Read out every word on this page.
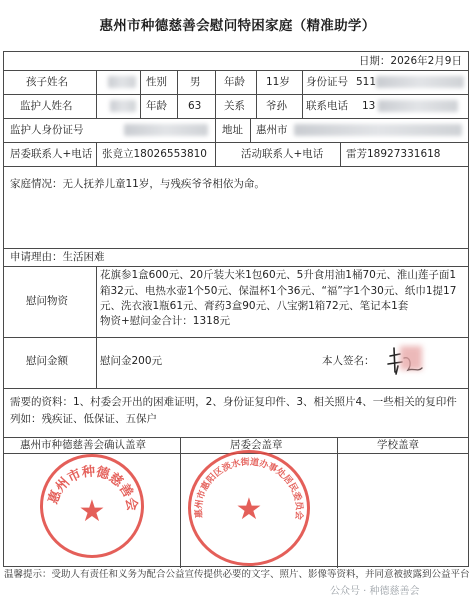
惠州市种德慈善会慰问特困家庭（精准助学）
日期：2026年2月9日
孩子姓名	性别 男 年龄 11岁 身份证号 511
监护人姓名	年龄 63 关系 爷孙 联系电话 13
监护人身份证号	地址 惠州市
居委联系人+电话 张竟立18026553810	活动联系人+电话 雷芳18927331618
家庭情况：无人抚养儿童11岁，与残疾爷爷相依为命。
申请理由：生活困难
慰问物资
花旗参1盒600元、20斤装大米1包60元、5升食用油1桶70元、淮山莲子面1箱32元、电热水壶1个50元、保温杯1个36元、“福”字1个30元、纸巾1提17元、洗衣液1瓶61元、膏药3盒90元、八宝粥1箱72元、笔记本1套
物资+慰问金合计：1318元
慰问金额	慰问金200元	本人签名：
需要的资料：1、村委会开出的困难证明，2、身份证复印件、3、相关照片4、一些相关的复印件列如：残疾证、低保证、五保户
惠州市种德慈善会确认盖章	居委会盖章	学校盖章
惠州市种德慈善会
★	惠州市惠阳区淡水街道办事处居民委员会
★
温馨提示：受助人有责任和义务为配合公益宣传提供必要的文字、照片、影像等资料，并同意被披露到公益平台
公众号 · 种德慈善会
